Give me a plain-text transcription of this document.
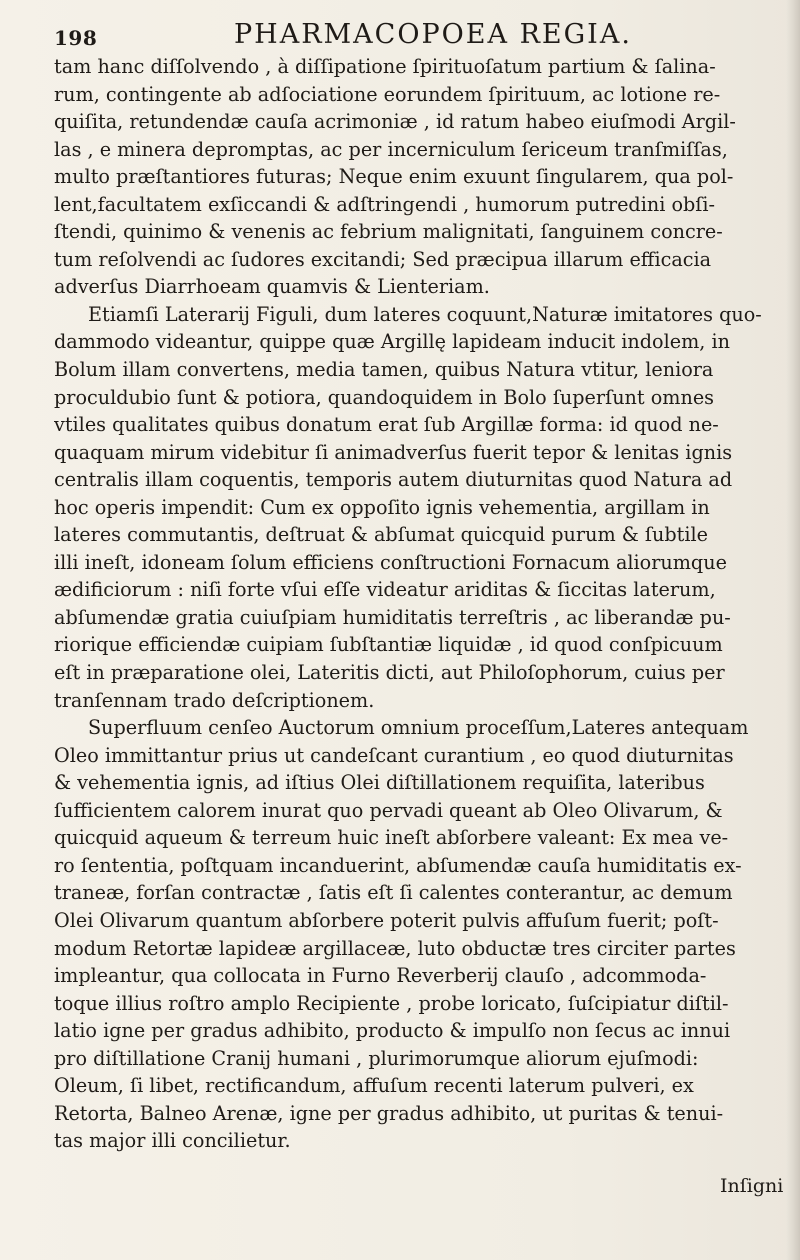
198	PHARMACOPOEA REGIA.
tam hanc diſſolvendo , à diſſipatione ſpirituoſatum partium & ſalina-
rum, contingente ab adſociatione eorundem ſpirituum, ac lotione re-
quiſita, retundendæ cauſa acrimoniæ , id ratum habeo eiuſmodi Argil-
las , e minera depromptas, ac per incerniculum ſericeum tranſmiſſas,
multo præſtantiores futuras; Neque enim exuunt ſingularem, qua pol-
lent,facultatem exſiccandi & adſtringendi , humorum putredini obſi-
ſtendi, quinimo & venenis ac febrium malignitati, ſanguinem concre-
tum reſolvendi ac ſudores excitandi; Sed præcipua illarum efficacia
adverſus Diarrhoeam quamvis & Lienteriam.
Etiamſi Laterarij Figuli, dum lateres coquunt,Naturæ imitatores quo-
dammodo videantur, quippe quæ Argillę lapideam inducit indolem, in
Bolum illam convertens, media tamen, quibus Natura vtitur, leniora
proculdubio ſunt & potiora, quandoquidem in Bolo ſuperſunt omnes
vtiles qualitates quibus donatum erat ſub Argillæ forma: id quod ne-
quaquam mirum videbitur ſi animadverſus fuerit tepor & lenitas ignis
centralis illam coquentis, temporis autem diuturnitas quod Natura ad
hoc operis impendit: Cum ex oppoſito ignis vehementia, argillam in
lateres commutantis, deſtruat & abſumat quicquid purum & ſubtile
illi ineſt, idoneam ſolum efficiens conſtructioni Fornacum aliorumque
ædificiorum : niſi forte vſui eſſe videatur ariditas & ſiccitas laterum,
abſumendæ gratia cuiuſpiam humiditatis terreſtris , ac liberandæ pu-
riorique efficiendæ cuipiam ſubſtantiæ liquidæ , id quod conſpicuum
eſt in præparatione olei, Lateritis dicti, aut Philoſophorum, cuius per
tranſennam trado deſcriptionem.
Superfluum cenſeo Auctorum omnium proceſſum,Lateres antequam
Oleo immittantur prius ut candeſcant curantium , eo quod diuturnitas
& vehementia ignis, ad iſtius Olei diſtillationem requiſita, lateribus
ſufficientem calorem inurat quo pervadi queant ab Oleo Olivarum, &
quicquid aqueum & terreum huic ineſt abſorbere valeant: Ex mea ve-
ro ſententia, poſtquam incanduerint, abſumendæ cauſa humiditatis ex-
traneæ, forſan contractæ , ſatis eſt ſi calentes conterantur, ac demum
Olei Olivarum quantum abſorbere poterit pulvis affuſum fuerit; poſt-
modum Retortæ lapideæ argillaceæ, luto obductæ tres circiter partes
impleantur, qua collocata in Furno Reverberij clauſo , adcommoda-
toque illius roſtro amplo Recipiente , probe loricato, ſuſcipiatur diſtil-
latio igne per gradus adhibito, producto & impulſo non ſecus ac innui
pro diſtillatione Cranij humani , plurimorumque aliorum ejuſmodi:
Oleum, ſi libet, rectificandum, affuſum recenti laterum pulveri, ex
Retorta, Balneo Arenæ, igne per gradus adhibito, ut puritas & tenui-
tas major illi concilietur.
Inſigni
